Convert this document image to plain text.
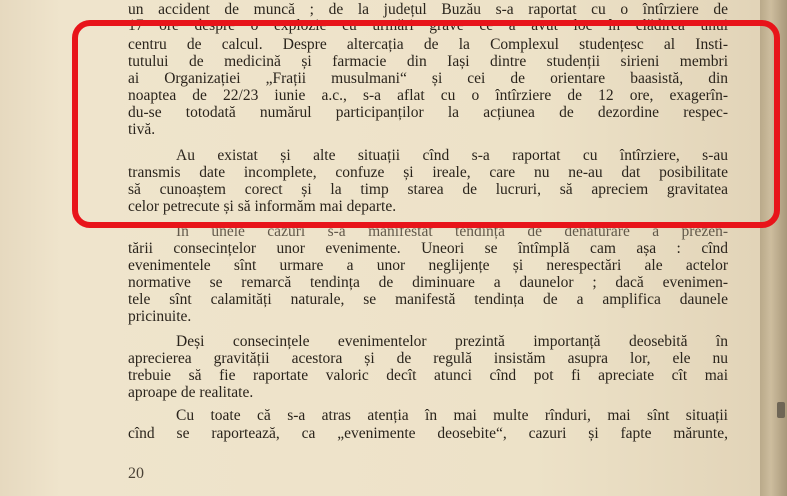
un accident de muncă ; de la județul Buzău s-a raportat cu o întîrziere de
17 ore despre o explozie cu urmări grave ce a avut loc în clădirea unui
centru de calcul. Despre altercația de la Complexul studențesc al Insti-
tutului de medicină și farmacie din Iași dintre studenții sirieni membri
ai Organizației „Frații musulmani“ și cei de orientare baasistă, din
noaptea de 22/23 iunie a.c., s-a aflat cu o întîrziere de 12 ore, exagerîn-
du-se totodată numărul participanților la acțiunea de dezordine respec-
tivă.
Au existat și alte situații cînd s-a raportat cu întîrziere, s-au
transmis date incomplete, confuze și ireale, care nu ne-au dat posibilitate
să cunoaștem corect și la timp starea de lucruri, să apreciem gravitatea
celor petrecute și să informăm mai departe.
În unele cazuri s-a manifestat tendința de denaturare a prezen-
tării consecințelor unor evenimente. Uneori se întîmplă cam așa : cînd
evenimentele sînt urmare a unor neglijențe și nerespectări ale actelor
normative se remarcă tendința de diminuare a daunelor ; dacă evenimen-
tele sînt calamități naturale, se manifestă tendința de a amplifica daunele
pricinuite.
Deși consecințele evenimentelor prezintă importanță deosebită în
aprecierea gravității acestora și de regulă insistăm asupra lor, ele nu
trebuie să fie raportate valoric decît atunci cînd pot fi apreciate cît mai
aproape de realitate.
Cu toate că s-a atras atenția în mai multe rînduri, mai sînt situații
cînd se raportează, ca „evenimente deosebite“, cazuri și fapte mărunte,
20
